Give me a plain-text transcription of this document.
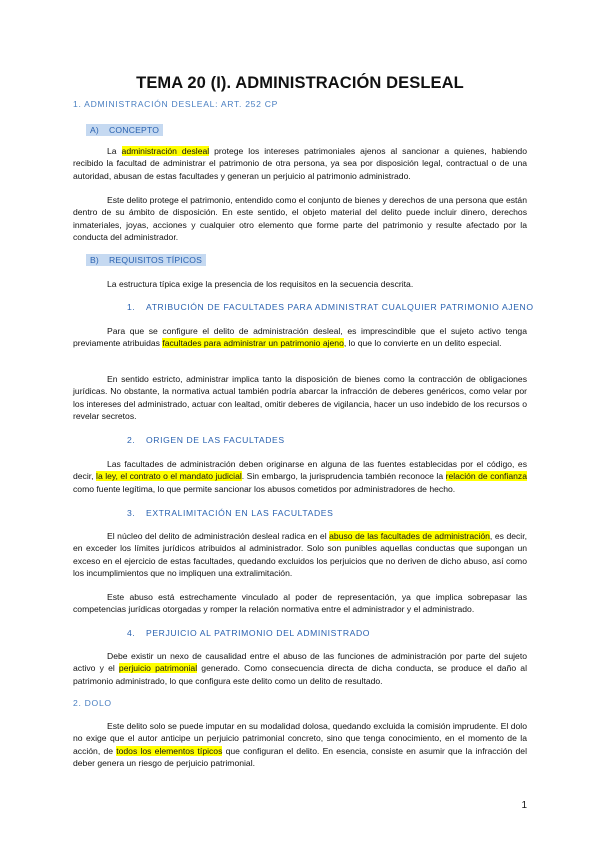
TEMA 20 (I). ADMINISTRACIÓN DESLEAL
1. ADMINISTRACIÓN DESLEAL: ART. 252 CP
A) CONCEPTO
La administración desleal protege los intereses patrimoniales ajenos al sancionar a quienes, habiendo recibido la facultad de administrar el patrimonio de otra persona, ya sea por disposición legal, contractual o de una autoridad, abusan de estas facultades y generan un perjuicio al patrimonio administrado.
Este delito protege el patrimonio, entendido como el conjunto de bienes y derechos de una persona que están dentro de su ámbito de disposición. En este sentido, el objeto material del delito puede incluir dinero, derechos inmateriales, joyas, acciones y cualquier otro elemento que forme parte del patrimonio y resulte afectado por la conducta del administrador.
B) REQUISITOS TÍPICOS
La estructura típica exige la presencia de los requisitos en la secuencia descrita.
1. ATRIBUCIÓN DE FACULTADES PARA ADMINISTRAT CUALQUIER PATRIMONIO AJENO
Para que se configure el delito de administración desleal, es imprescindible que el sujeto activo tenga previamente atribuidas facultades para administrar un patrimonio ajeno, lo que lo convierte en un delito especial.
En sentido estricto, administrar implica tanto la disposición de bienes como la contracción de obligaciones jurídicas. No obstante, la normativa actual también podría abarcar la infracción de deberes genéricos, como velar por los intereses del administrado, actuar con lealtad, omitir deberes de vigilancia, hacer un uso indebido de los recursos o revelar secretos.
2. ORIGEN DE LAS FACULTADES
Las facultades de administración deben originarse en alguna de las fuentes establecidas por el código, es decir, la ley, el contrato o el mandato judicial. Sin embargo, la jurisprudencia también reconoce la relación de confianza como fuente legítima, lo que permite sancionar los abusos cometidos por administradores de hecho.
3. EXTRALIMITACIÓN EN LAS FACULTADES
El núcleo del delito de administración desleal radica en el abuso de las facultades de administración, es decir, en exceder los límites jurídicos atribuidos al administrador. Solo son punibles aquellas conductas que supongan un exceso en el ejercicio de estas facultades, quedando excluidos los perjuicios que no deriven de dicho abuso, así como los incumplimientos que no impliquen una extralimitación.
Este abuso está estrechamente vinculado al poder de representación, ya que implica sobrepasar las competencias jurídicas otorgadas y romper la relación normativa entre el administrador y el administrado.
4. PERJUICIO AL PATRIMONIO DEL ADMINISTRADO
Debe existir un nexo de causalidad entre el abuso de las funciones de administración por parte del sujeto activo y el perjuicio patrimonial generado. Como consecuencia directa de dicha conducta, se produce el daño al patrimonio administrado, lo que configura este delito como un delito de resultado.
2. DOLO
Este delito solo se puede imputar en su modalidad dolosa, quedando excluida la comisión imprudente. El dolo no exige que el autor anticipe un perjuicio patrimonial concreto, sino que tenga conocimiento, en el momento de la acción, de todos los elementos típicos que configuran el delito. En esencia, consiste en asumir que la infracción del deber genera un riesgo de perjuicio patrimonial.
1
